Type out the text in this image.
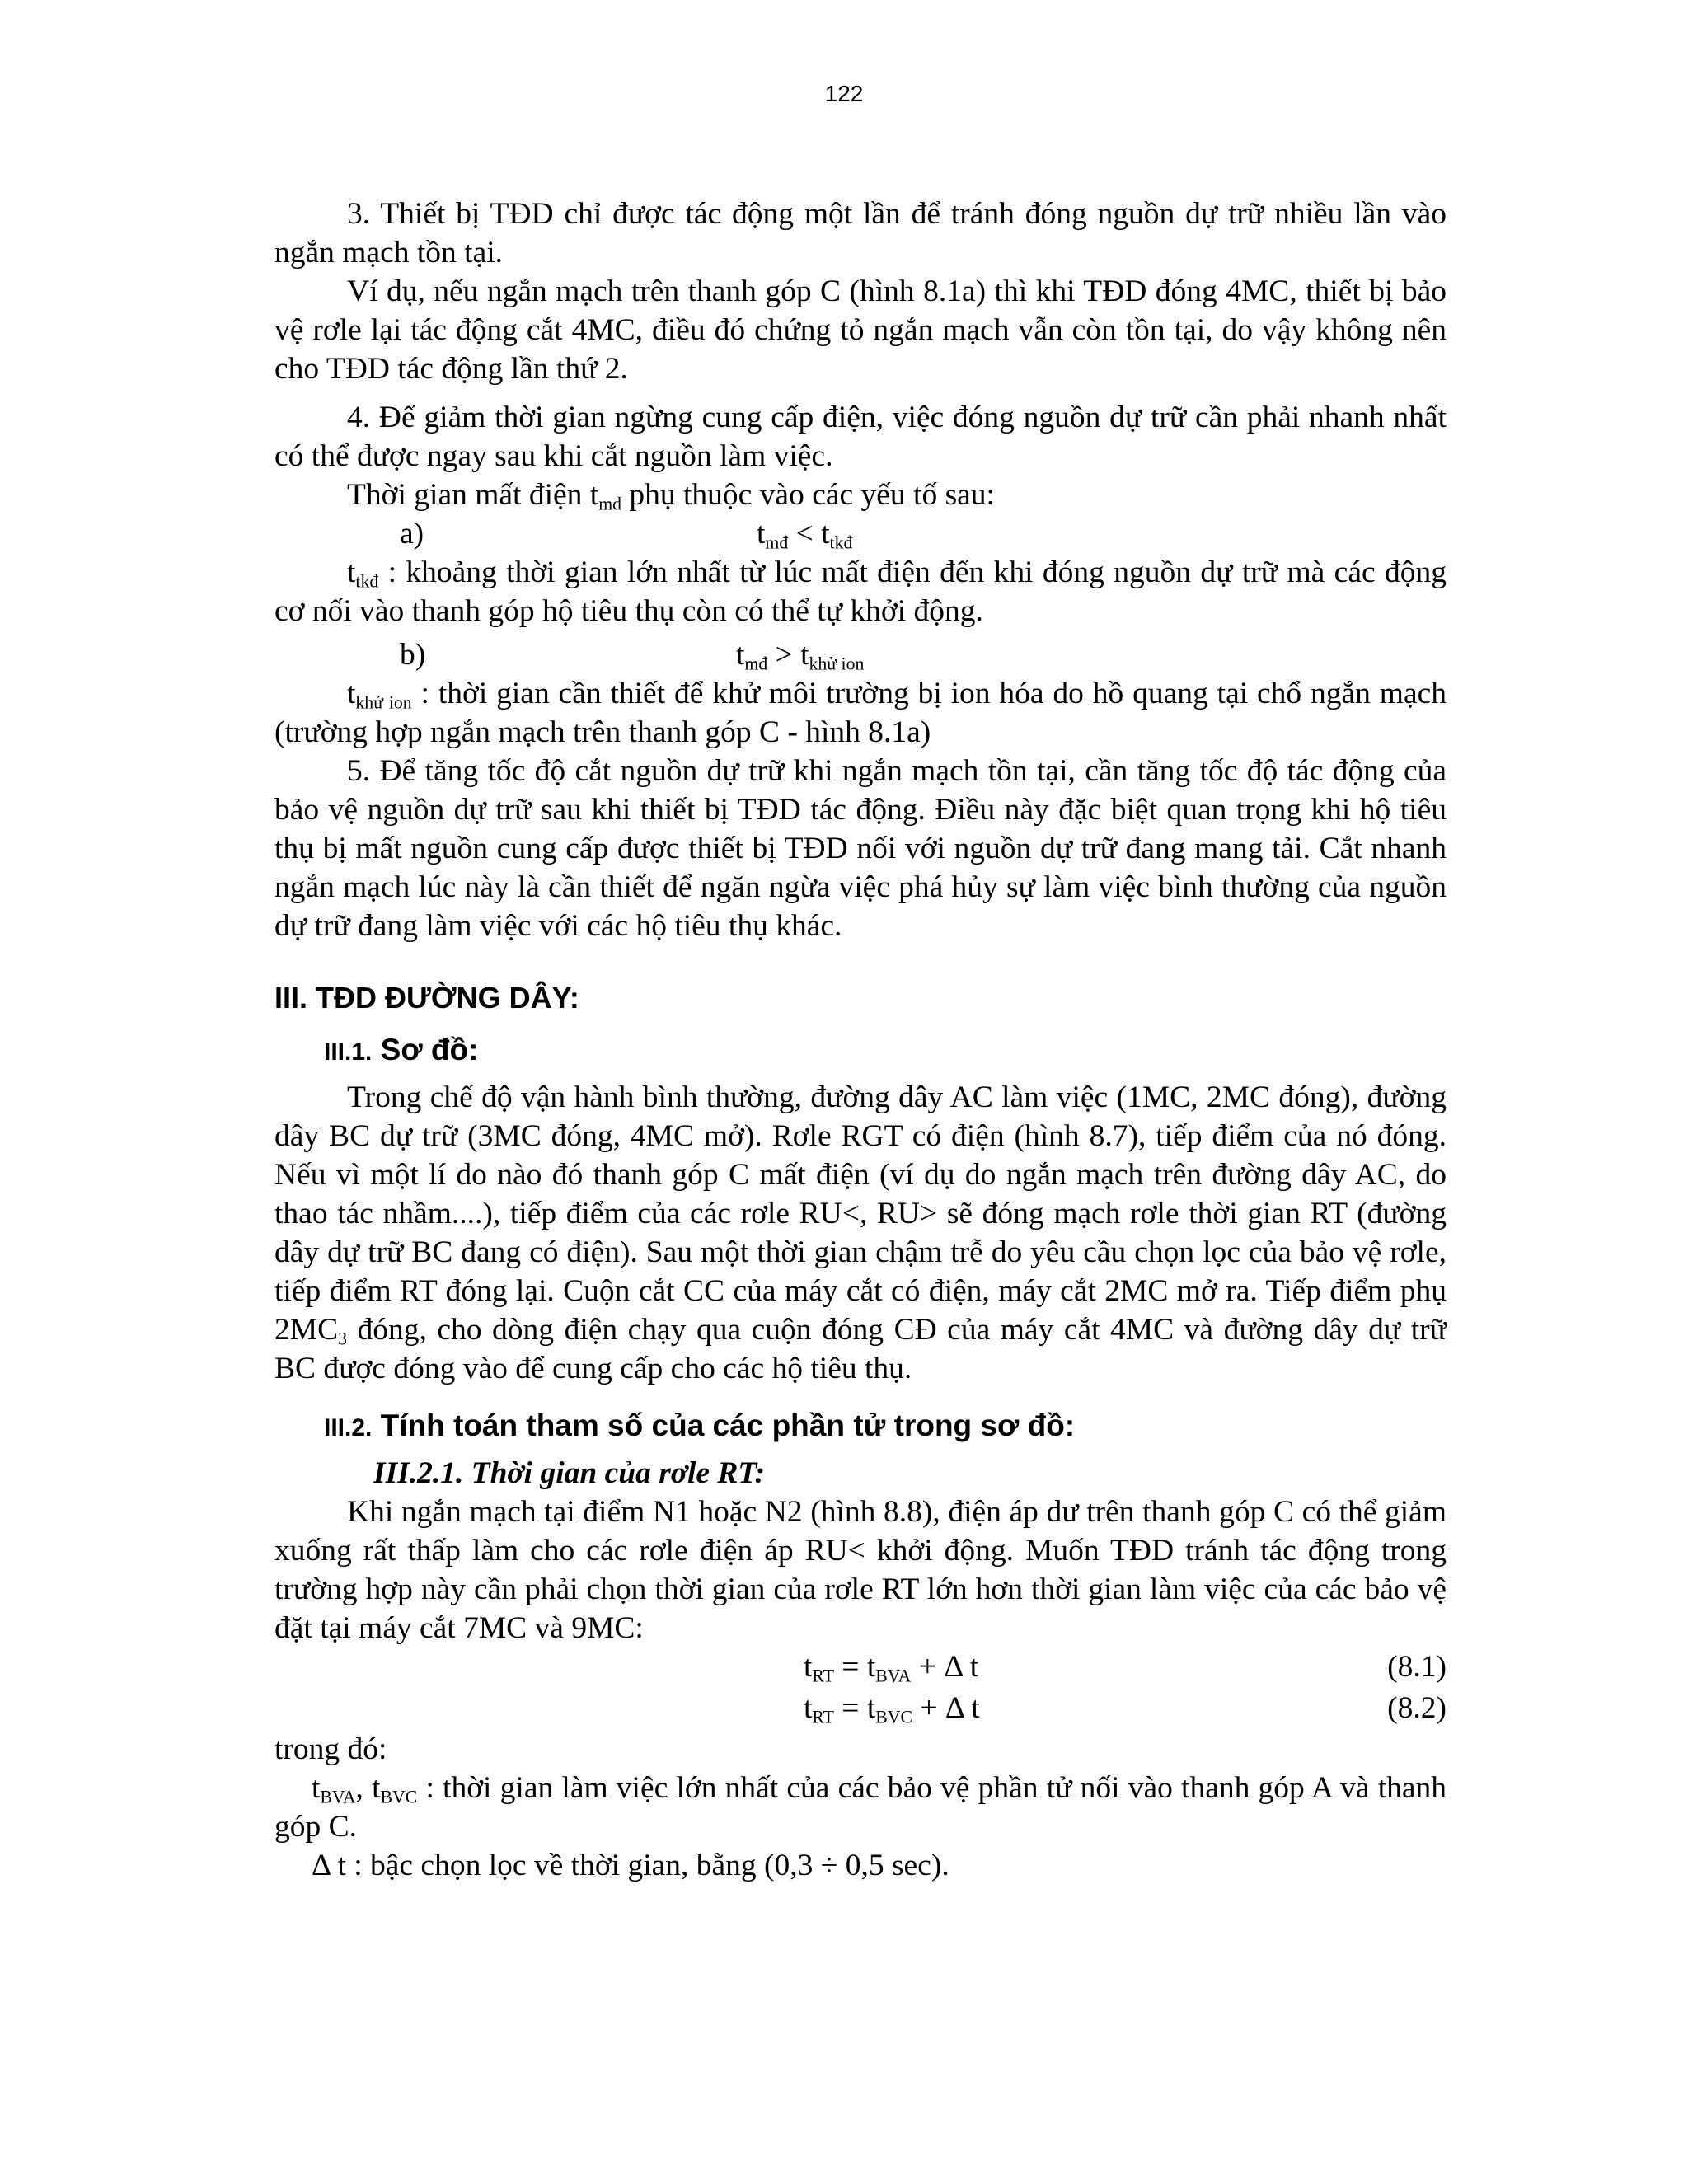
122

3. Thiết bị TĐD chỉ được tác động một lần để tránh đóng nguồn dự trữ nhiều lần vào ngắn mạch tồn tại.

Ví dụ, nếu ngắn mạch trên thanh góp C (hình 8.1a) thì khi TĐD đóng 4MC, thiết bị bảo vệ rơle lại tác động cắt 4MC, điều đó chứng tỏ ngắn mạch vẫn còn tồn tại, do vậy không nên cho TĐD tác động lần thứ 2.

4. Để giảm thời gian ngừng cung cấp điện, việc đóng nguồn dự trữ cần phải nhanh nhất có thể được ngay sau khi cắt nguồn làm việc.

Thời gian mất điện $t_{mđ}$ phụ thuộc vào các yếu tố sau:

a)	$t_{mđ} < t_{tkđ}$

$t_{tkđ}$ : khoảng thời gian lớn nhất từ lúc mất điện đến khi đóng nguồn dự trữ mà các động cơ nối vào thanh góp hộ tiêu thụ còn có thể tự khởi động.

b)	$t_{mđ} > t_{khử ion}$

$t_{khử ion}$ : thời gian cần thiết để khử môi trường bị ion hóa do hồ quang tại chổ ngắn mạch (trường hợp ngắn mạch trên thanh góp C - hình 8.1a)

5. Để tăng tốc độ cắt nguồn dự trữ khi ngắn mạch tồn tại, cần tăng tốc độ tác động của bảo vệ nguồn dự trữ sau khi thiết bị TĐD tác động. Điều này đặc biệt quan trọng khi hộ tiêu thụ bị mất nguồn cung cấp được thiết bị TĐD nối với nguồn dự trữ đang mang tải. Cắt nhanh ngắn mạch lúc này là cần thiết để ngăn ngừa việc phá hủy sự làm việc bình thường của nguồn dự trữ đang làm việc với các hộ tiêu thụ khác.

III. TĐD ĐƯỜNG DÂY:

III.1. Sơ đồ:

Trong chế độ vận hành bình thường, đường dây AC làm việc (1MC, 2MC đóng), đường dây BC dự trữ (3MC đóng, 4MC mở). Rơle RGT có điện (hình 8.7), tiếp điểm của nó đóng. Nếu vì một lí do nào đó thanh góp C mất điện (ví dụ do ngắn mạch trên đường dây AC, do thao tác nhầm....), tiếp điểm của các rơle RU<, RU> sẽ đóng mạch rơle thời gian RT (đường dây dự trữ BC đang có điện). Sau một thời gian chậm trễ do yêu cầu chọn lọc của bảo vệ rơle, tiếp điểm RT đóng lại. Cuộn cắt CC của máy cắt có điện, máy cắt 2MC mở ra. Tiếp điểm phụ $2MC_3$ đóng, cho dòng điện chạy qua cuộn đóng CĐ của máy cắt 4MC và đường dây dự trữ BC được đóng vào để cung cấp cho các hộ tiêu thụ.

III.2. Tính toán tham số của các phần tử trong sơ đồ:

III.2.1. Thời gian của rơle RT:

Khi ngắn mạch tại điểm N1 hoặc N2 (hình 8.8), điện áp dư trên thanh góp C có thể giảm xuống rất thấp làm cho các rơle điện áp RU< khởi động. Muốn TĐD tránh tác động trong trường hợp này cần phải chọn thời gian của rơle RT lớn hơn thời gian làm việc của các bảo vệ đặt tại máy cắt 7MC và 9MC:

$t_{RT} = t_{BVA} + \Delta$ t	(8.1)
$t_{RT} = t_{BVC} + \Delta$ t	(8.2)

trong đó:

$t_{BVA}$, $t_{BVC}$ : thời gian làm việc lớn nhất của các bảo vệ phần tử nối vào thanh góp A và thanh góp C.

Δ t : bậc chọn lọc về thời gian, bằng (0,3 ÷ 0,5 sec).
